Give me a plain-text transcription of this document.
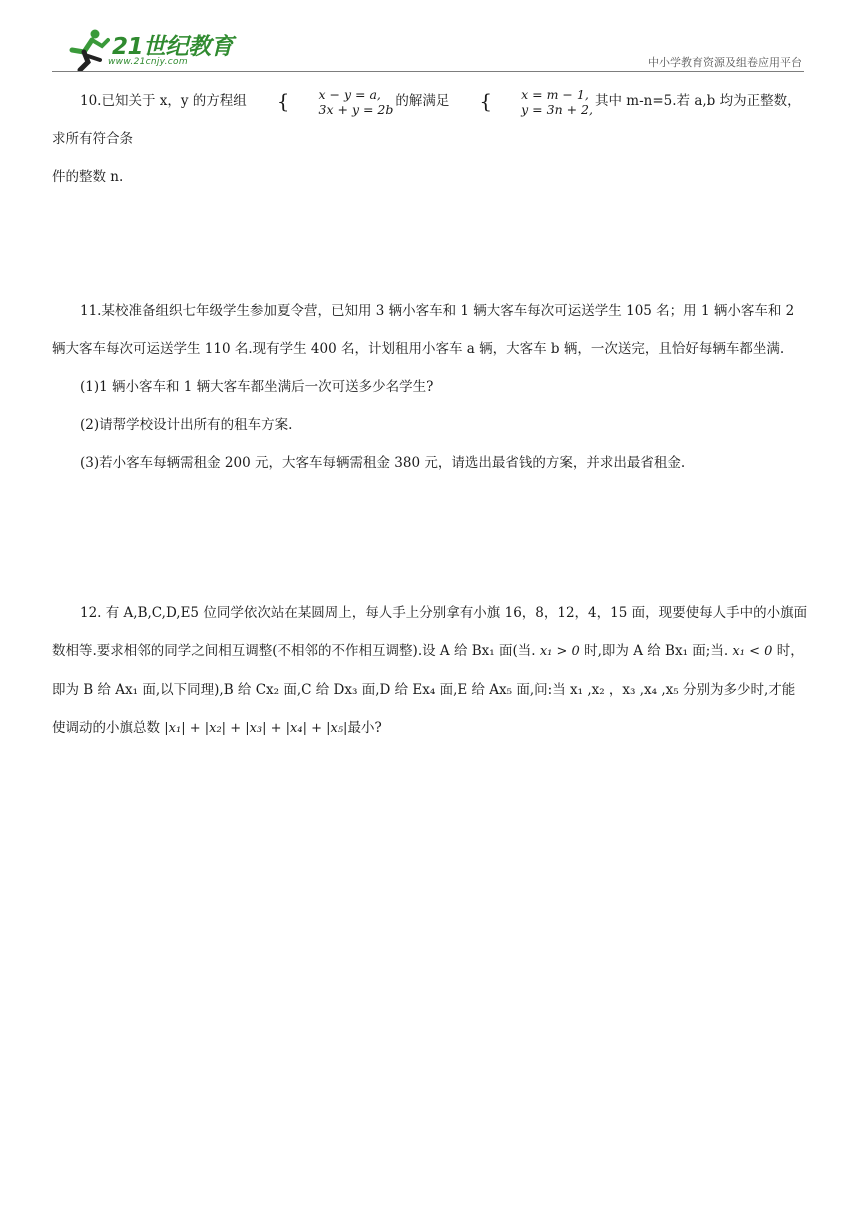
21世纪教育
www.21cnjy.com	中小学教育资源及组卷应用平台

10.已知关于 x，y 的方程组 {	x − y = a,
3x + y = 2b 的解满足 {	x = m − 1,
y = 3n + 2, 其中 m-n=5.若 a,b 均为正整数，求所有符合条

件的整数 n.

11.某校准备组织七年级学生参加夏令营，已知用 3 辆小客车和 1 辆大客车每次可运送学生 105 名；用 1 辆小客车和 2 辆大客车每次可运送学生 110 名.现有学生 400 名，计划租用小客车 a 辆，大客车 b 辆，一次送完，且恰好每辆车都坐满.

(1)1 辆小客车和 1 辆大客车都坐满后一次可送多少名学生?

(2)请帮学校设计出所有的租车方案.

(3)若小客车每辆需租金 200 元，大客车每辆需租金 380 元，请选出最省钱的方案，并求出最省租金.

12. 有 A,B,C,D,E5 位同学依次站在某圆周上，每人手上分别拿有小旗 16，8，12，4，15 面，现要使每人手中的小旗面数相等.要求相邻的同学之间相互调整(不相邻的不作相互调整).设 A 给 Bx₁ 面(当. x₁ > 0 时,即为 A 给 Bx₁ 面;当. x₁ < 0 时，即为 B 给 Ax₁ 面,以下同理),B 给 Cx₂ 面,C 给 Dx₃ 面,D 给 Ex₄ 面,E 给 Ax₅ 面,问:当 x₁ ,x₂ ，x₃ ,x₄ ,x₅ 分别为多少时,才能使调动的小旗总数 |x₁| + |x₂| + |x₃| + |x₄| + |x₅|最小?
